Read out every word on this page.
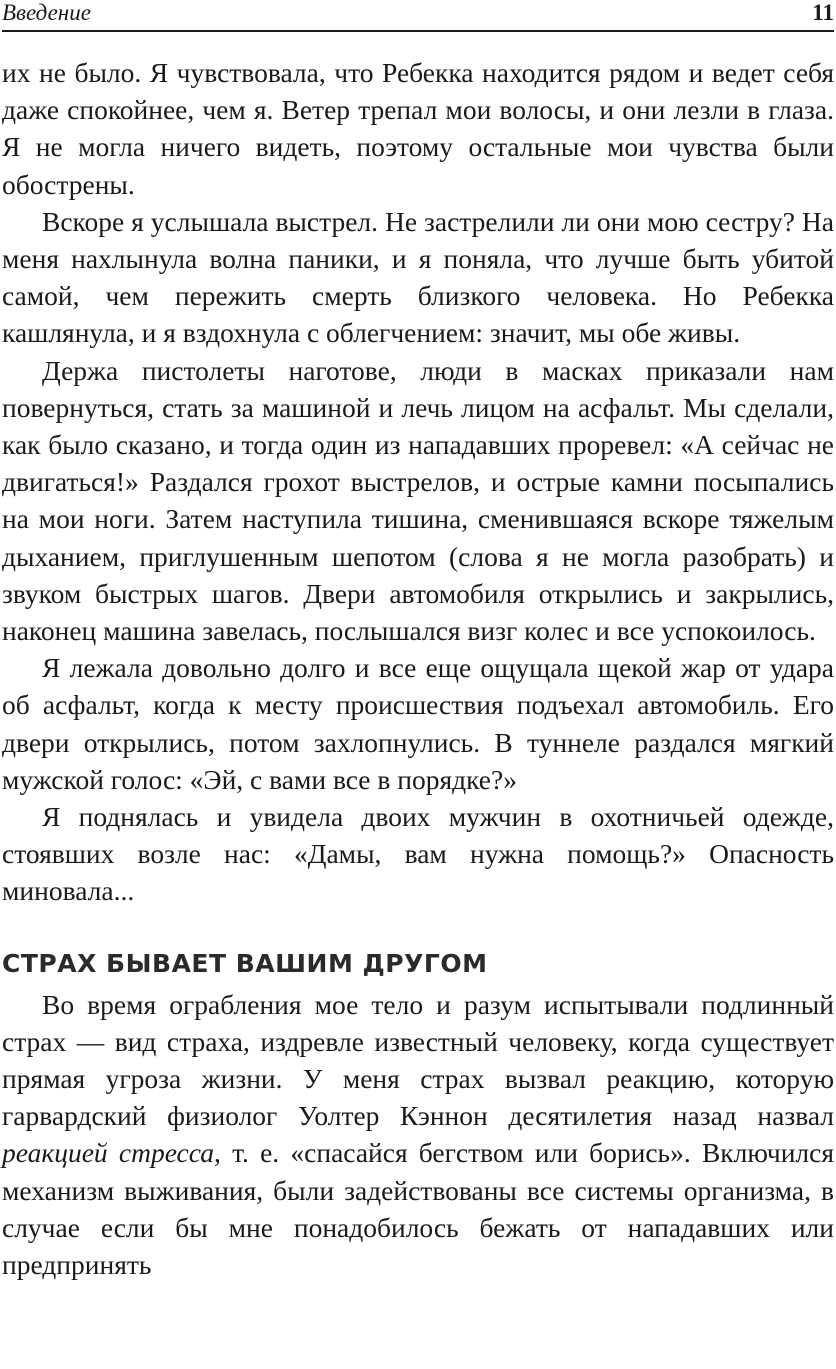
Введение	11

их не было. Я чувствовала, что Ребекка находится рядом и ведет себя даже спокойнее, чем я. Ветер трепал мои волосы, и они лезли в глаза. Я не могла ничего видеть, поэтому остальные мои чувства были обострены.

Вскоре я услышала выстрел. Не застрелили ли они мою сестру? На меня нахлынула волна паники, и я поняла, что лучше быть убитой самой, чем пережить смерть близкого человека. Но Ребекка кашлянула, и я вздохнула с облегчением: значит, мы обе живы.

Держа пистолеты наготове, люди в масках приказали нам повернуться, стать за машиной и лечь лицом на асфальт. Мы сделали, как было сказано, и тогда один из нападавших проревел: «А сейчас не двигаться!» Раздался грохот выстрелов, и острые камни посыпались на мои ноги. Затем наступила тишина, сменившаяся вскоре тяжелым дыханием, приглушенным шепотом (слова я не могла разобрать) и звуком быстрых шагов. Двери автомобиля открылись и закрылись, наконец машина завелась, послышался визг колес и все успокоилось.

Я лежала довольно долго и все еще ощущала щекой жар от удара об асфальт, когда к месту происшествия подъехал автомобиль. Его двери открылись, потом захлопнулись. В туннеле раздался мягкий мужской голос: «Эй, с вами все в порядке?»

Я поднялась и увидела двоих мужчин в охотничьей одежде, стоявших возле нас: «Дамы, вам нужна помощь?» Опасность миновала...

СТРАХ БЫВАЕТ ВАШИМ ДРУГОМ

Во время ограбления мое тело и разум испытывали подлинный страх — вид страха, издревле известный человеку, когда существует прямая угроза жизни. У меня страх вызвал реакцию, которую гарвардский физиолог Уолтер Кэннон десятилетия назад назвал реакцией стресса, т. е. «спасайся бегством или борись». Включился механизм выживания, были задействованы все системы организма, в случае если бы мне понадобилось бежать от нападавших или предпринять
